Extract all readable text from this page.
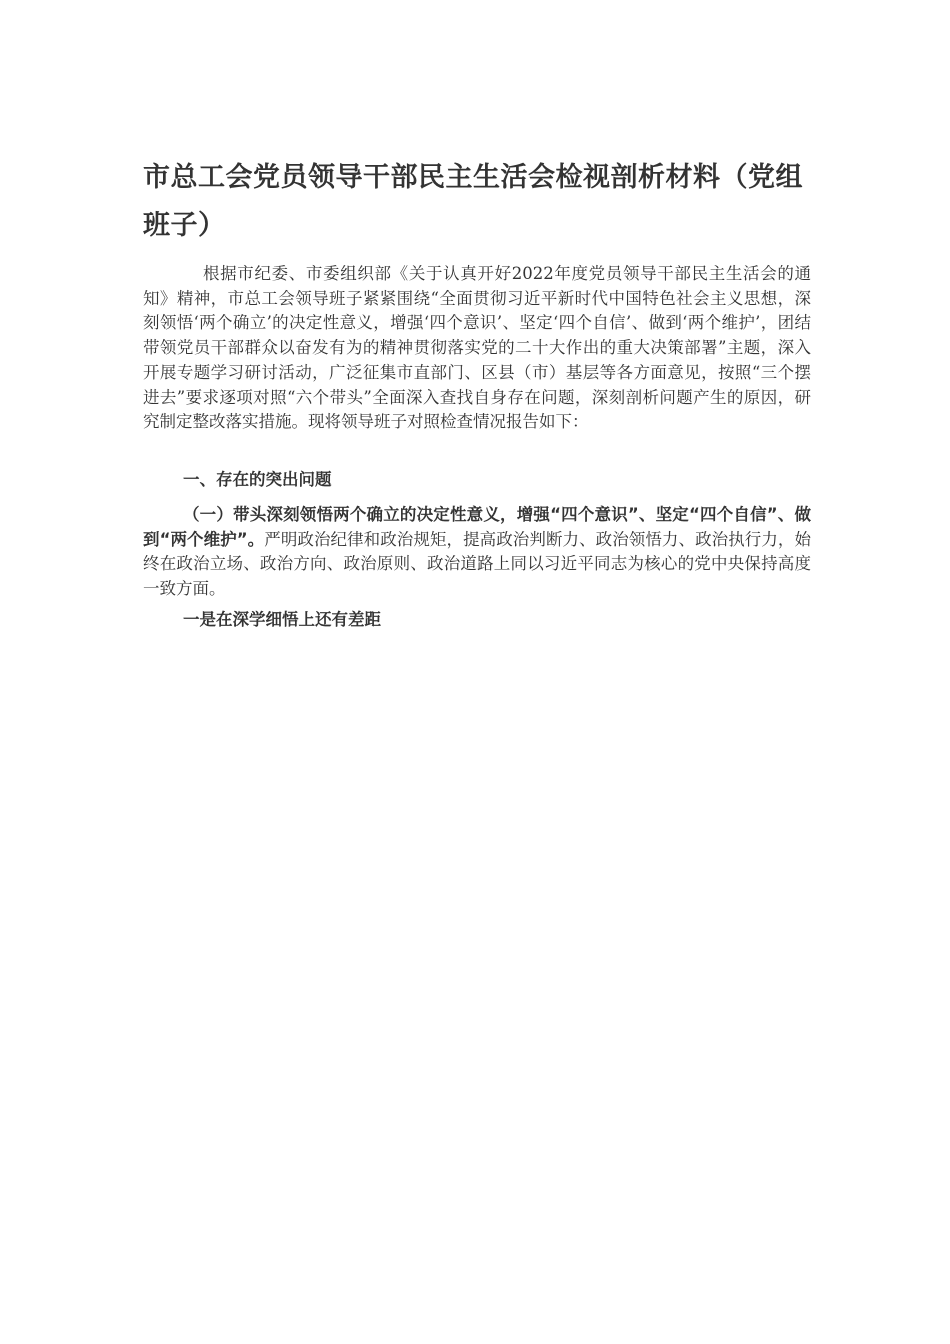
市总工会党员领导干部民主生活会检视剖析材料（党组班子）

根据市纪委、市委组织部《关于认真开好2022年度党员领导干部民主生活会的通知》精神，市总工会领导班子紧紧围绕“全面贯彻习近平新时代中国特色社会主义思想，深刻领悟‘两个确立’的决定性意义，增强‘四个意识’、坚定‘四个自信’、做到‘两个维护’，团结带领党员干部群众以奋发有为的精神贯彻落实党的二十大作出的重大决策部署”主题，深入开展专题学习研讨活动，广泛征集市直部门、区县（市）基层等各方面意见，按照“三个摆进去”要求逐项对照“六个带头”全面深入查找自身存在问题，深刻剖析问题产生的原因，研究制定整改落实措施。现将领导班子对照检查情况报告如下：

一、存在的突出问题

（一）带头深刻领悟两个确立的决定性意义，增强“四个意识”、坚定“四个自信”、做到“两个维护”。严明政治纪律和政治规矩，提高政治判断力、政治领悟力、政治执行力，始终在政治立场、政治方向、政治原则、政治道路上同以习近平同志为核心的党中央保持高度一致方面。

一是在深学细悟上还有差距
